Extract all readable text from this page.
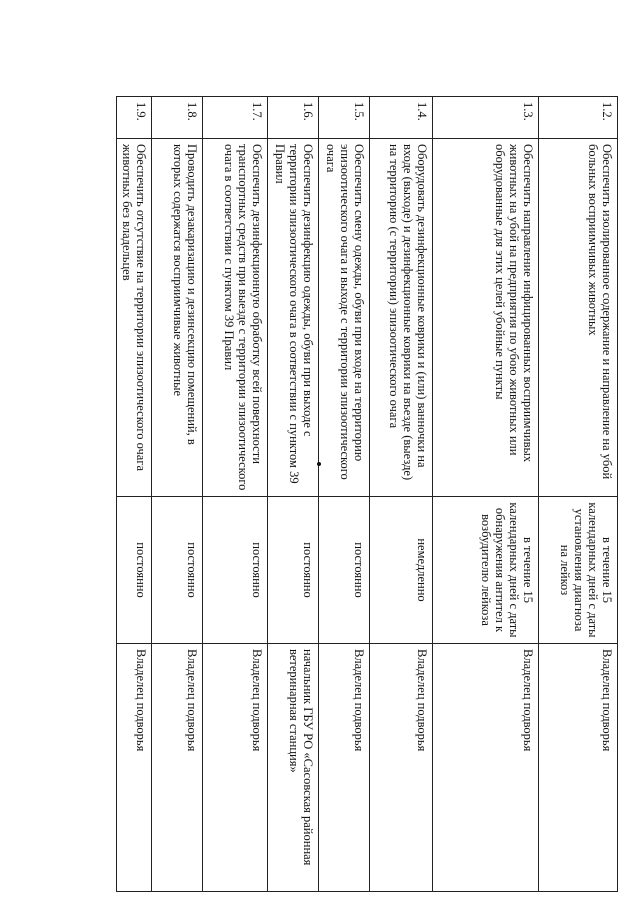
1.2.	Обеспечить изолированное содержание и направление на убой больных восприимчивых животных	в течение 15 календарных дней с даты установления диагноза на лейкоз	Владелец подворья
1.3.	Обеспечить направление инфицированных восприимчивых животных на убой на предприятия по убою животных или оборудованные для этих целей убойные пункты	в течение 15 календарных дней с даты обнаружения антител к возбудителю лейкоза	Владелец подворья
1.4.	Оборудовать дезинфекционные коврики и (или) ванночки на входе (выходе) и дезинфекционные коврики на въезде (выезде) на территорию (с территории) эпизоотического очага	немедленно	Владелец подворья
1.5.	Обеспечить смену одежды, обуви при входе на территорию эпизоотического очага и выходе с территории эпизоотического очага	постоянно	Владелец подворья
1.6.	Обеспечить дезинфекцию одежды, обуви при выходе с территории эпизоотического очага в соответствии с пунктом 39 Правил	постоянно	начальник ГБУ РО «Сасовская районная ветеринарная станция»
1.7.	Обеспечить дезинфекционную обработку всей поверхности транспортных средств при выезде с территории эпизоотического очага в соответствии с пунктом 39 Правил	постоянно	Владелец подворья
1.8.	Проводить дезакаризацию и дезинсекцию помещений, в которых содержатся восприимчивые животные	постоянно	Владелец подворья
1.9.	Обеспечить отсутствие на территории эпизоотического очага животных без владельцев	постоянно	Владелец подворья
